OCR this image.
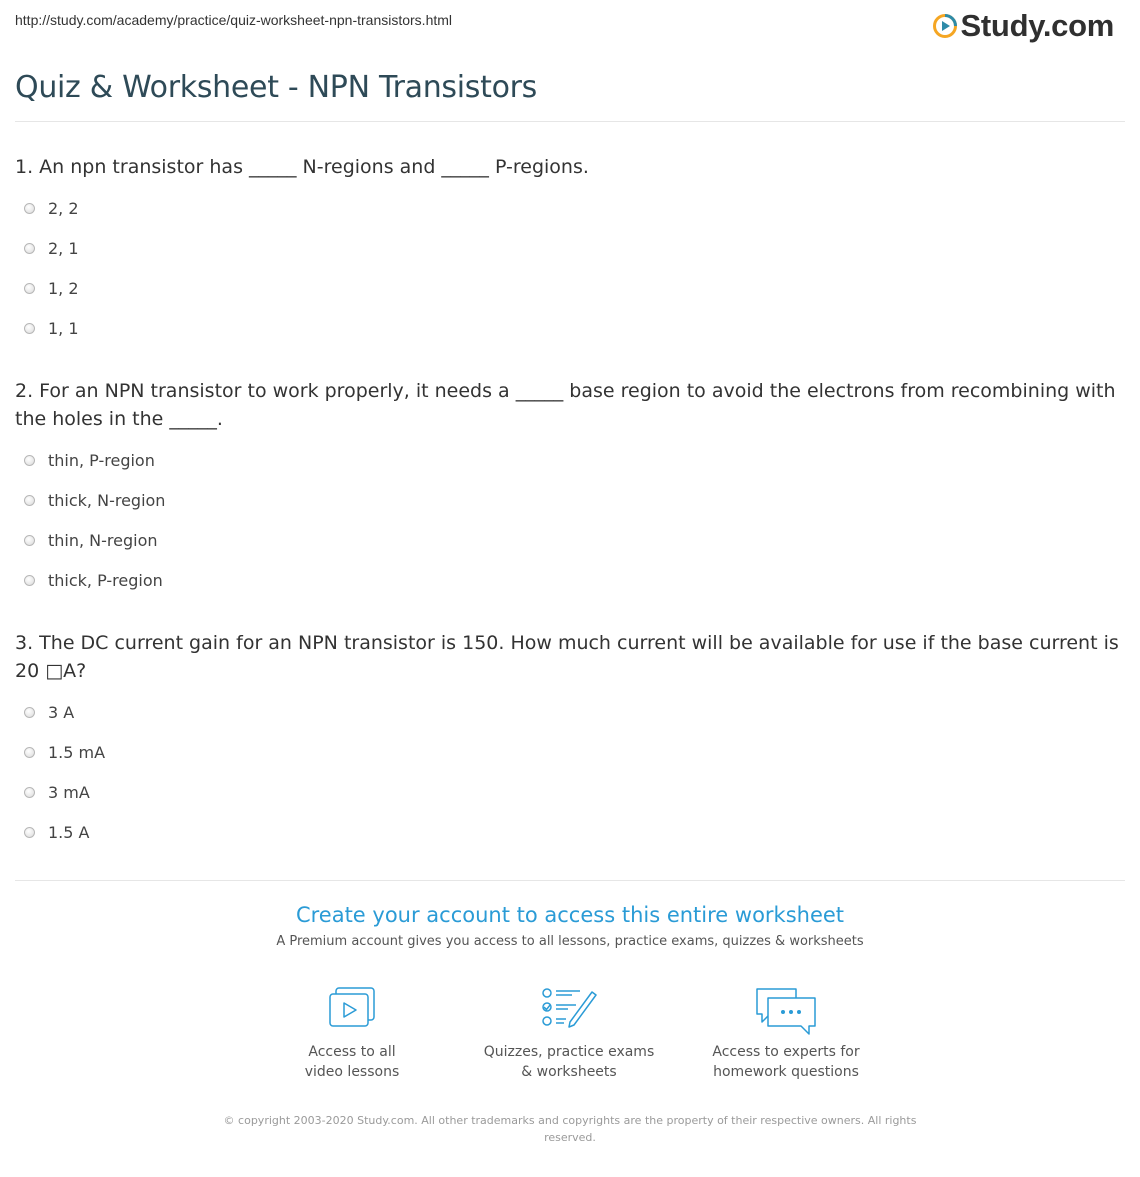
http://study.com/academy/practice/quiz-worksheet-npn-transistors.html	Study.com
Quiz & Worksheet - NPN Transistors
1. An npn transistor has _____ N-regions and _____ P-regions.
2, 2
2, 1
1, 2
1, 1
2. For an NPN transistor to work properly, it needs a _____ base region to avoid the electrons from recombining with the holes in the _____.
thin, P-region
thick, N-region
thin, N-region
thick, P-region
3. The DC current gain for an NPN transistor is 150. How much current will be available for use if the base current is 20 □A?
3 A
1.5 mA
3 mA
1.5 A
Create your account to access this entire worksheet
A Premium account gives you access to all lessons, practice exams, quizzes & worksheets
Access to all
video lessons
Quizzes, practice exams
& worksheets
Access to experts for
homework questions
© copyright 2003-2020 Study.com. All other trademarks and copyrights are the property of their respective owners. All rights reserved.
